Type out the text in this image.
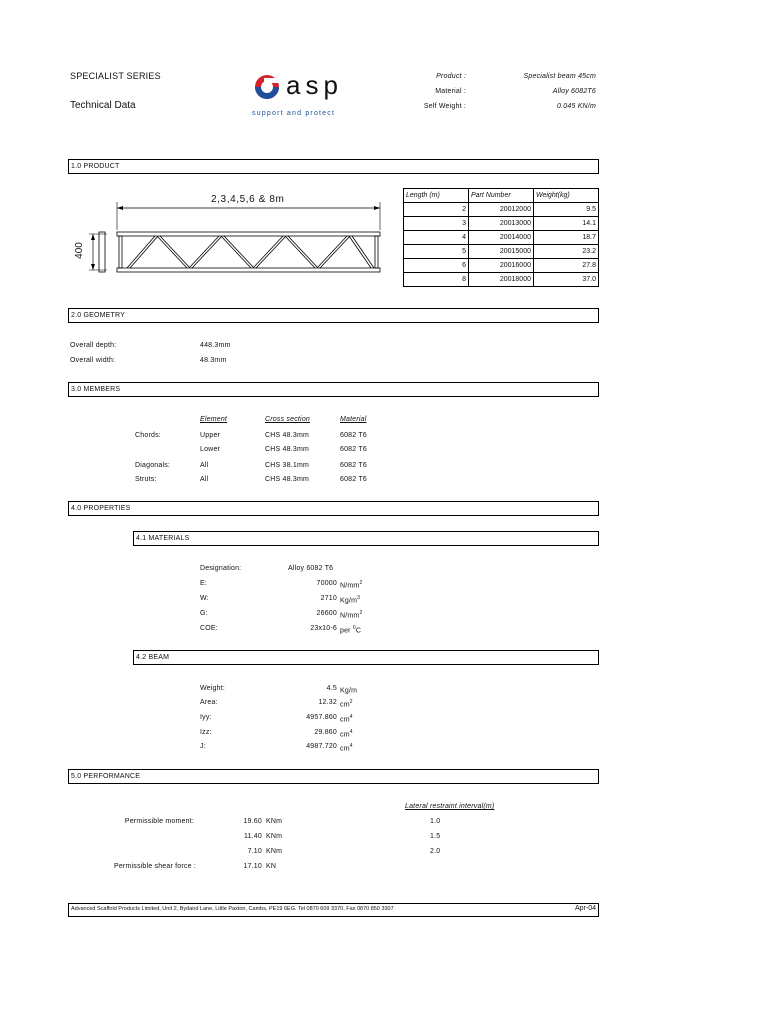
SPECIALIST SERIES
Technical Data
asp
support and protect
Product :	Specialist beam 45cm
Material :	Alloy 6082T6
Self Weight :	0.045 KN/m
1.0 PRODUCT
2,3,4,5,6 & 8m
400
Length (m)	Part Number	Weight(kg)
2	20012000	9.5
3	20013000	14.1
4	20014000	18.7
5	20015000	23.2
6	20016000	27.8
8	20018000	37.0
2.0 GEOMETRY
Overall depth:	448.3mm
Overall width:	48.3mm
3.0 MEMBERS
Element	Cross section	Material
Chords:	Upper	CHS 48.3mm	6082 T6
Lower	CHS 48.3mm	6082 T6
Diagonals:	All	CHS 38.1mm	6082 T6
Struts:	All	CHS 48.3mm	6082 T6
4.0 PROPERTIES
4.1 MATERIALS
Designation:	Alloy 6082 T6
E:	70000 $N/mm^2$
W:	2710 $Kg/m^3$
G:	26600 $N/mm^2$
COE:	23x10-6 per $^0$C
4.2 BEAM
Weight:	4.5 Kg/m
Area:	12.32 $cm^2$
Iyy:	4957.860 $cm^4$
Izz:	29.860 $cm^4$
J:	4987.720 $cm^4$
5.0 PERFORMANCE
Lateral restraint interval(m)
Permissible moment:	19.60 KNm	1.0
11.40 KNm	1.5
7.10 KNm	2.0
Permissible shear force :	17.10 KN
Advanced Scaffold Products Limited, Unit 2, Bydand Lane, Little Paxton, Cambs, PE19 6EG. Tel 0870 609 3370, Fax 0870 850 3307	Apr-04
